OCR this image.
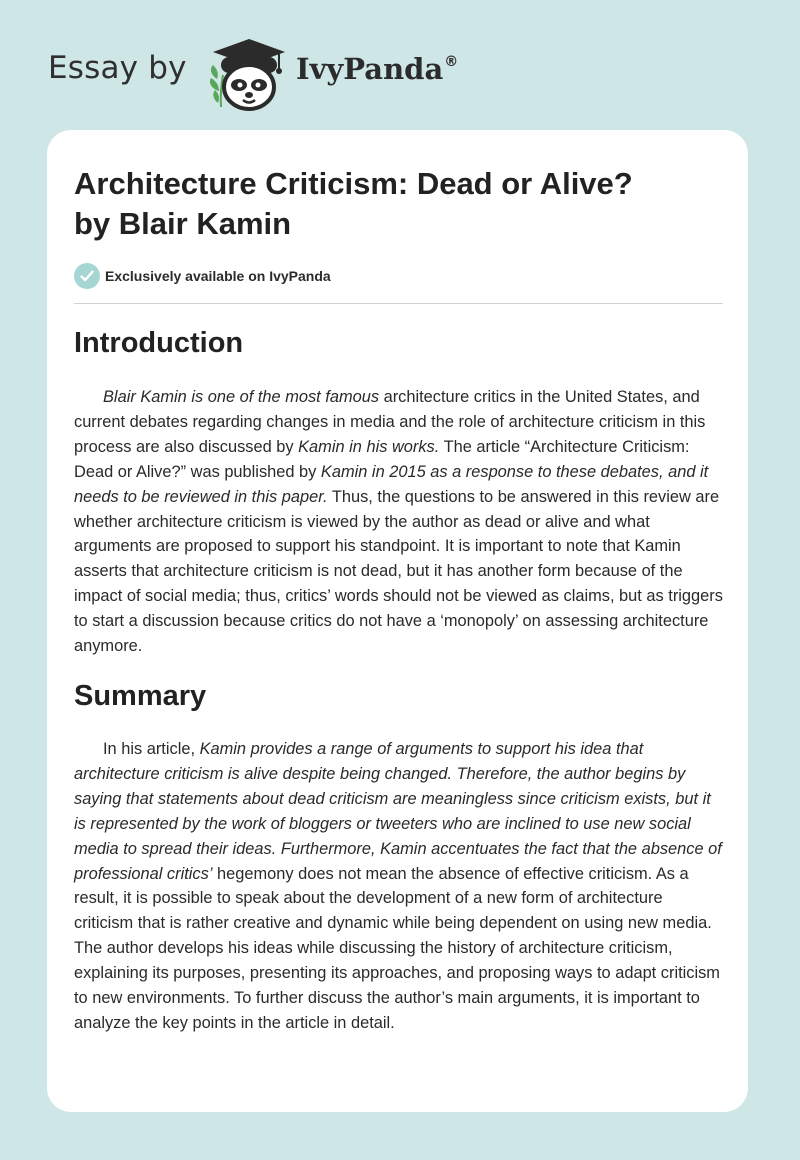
Essay by	IvyPanda®
Architecture Criticism: Dead or Alive?
by Blair Kamin
Exclusively available on IvyPanda
Introduction

Blair Kamin is one of the most famous architecture critics in the United States, and current debates regarding changes in media and the role of architecture criticism in this process are also discussed by Kamin in his works. The article “Architecture Criticism: Dead or Alive?” was published by Kamin in 2015 as a response to these debates, and it needs to be reviewed in this paper. Thus, the questions to be answered in this review are whether architecture criticism is viewed by the author as dead or alive and what arguments are proposed to support his standpoint. It is important to note that Kamin asserts that architecture criticism is not dead, but it has another form because of the impact of social media; thus, critics’ words should not be viewed as claims, but as triggers to start a discussion because critics do not have a ‘monopoly’ on assessing architecture anymore.

Summary

In his article, Kamin provides a range of arguments to support his idea that architecture criticism is alive despite being changed. Therefore, the author begins by saying that statements about dead criticism are meaningless since criticism exists, but it is represented by the work of bloggers or tweeters who are inclined to use new social media to spread their ideas. Furthermore, Kamin accentuates the fact that the absence of professional critics’ hegemony does not mean the absence of effective criticism. As a result, it is possible to speak about the development of a new form of architecture criticism that is rather creative and dynamic while being dependent on using new media. The author develops his ideas while discussing the history of architecture criticism, explaining its purposes, presenting its approaches, and proposing ways to adapt criticism to new environments. To further discuss the author’s main arguments, it is important to analyze the key points in the article in detail.
